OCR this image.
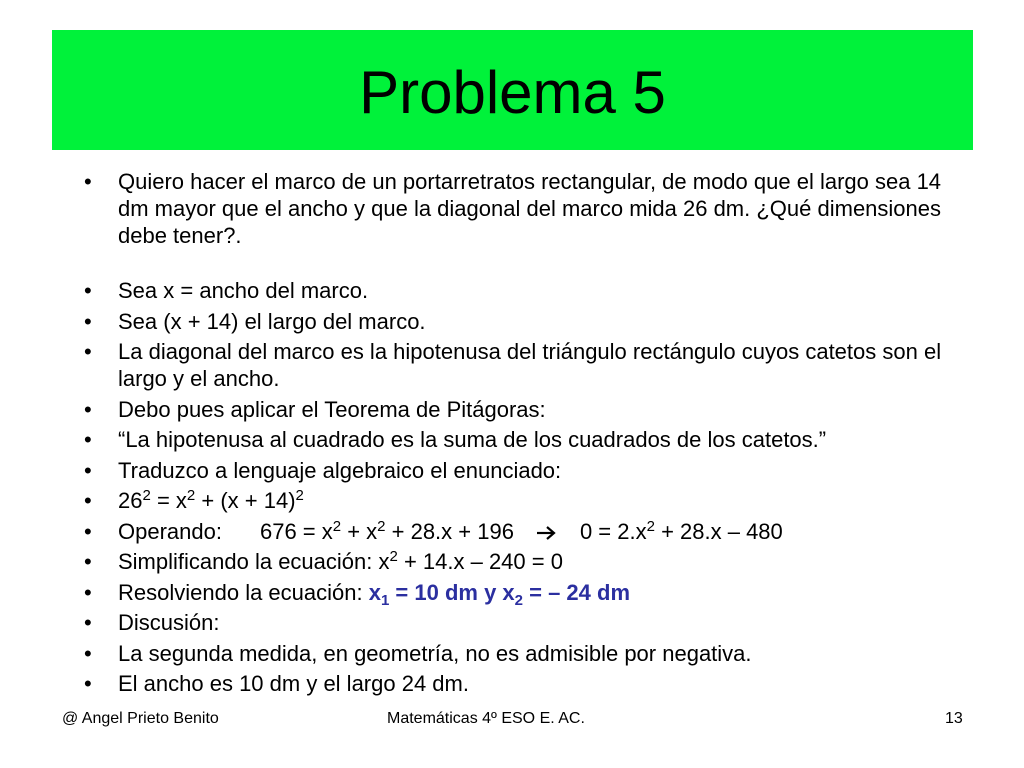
Problema 5
• Quiero hacer el marco de un portarretratos rectangular, de modo que el largo sea 14 dm mayor que el ancho y que la diagonal del marco mida 26 dm. ¿Qué dimensiones debe tener?.
• Sea x = ancho del marco.
• Sea (x + 14) el largo del marco.
• La diagonal del marco es la hipotenusa del triángulo rectángulo cuyos catetos son el largo y el ancho.
• Debo pues aplicar el Teorema de Pitágoras:
• “La hipotenusa al cuadrado es la suma de los cuadrados de los catetos.”
• Traduzco a lenguaje algebraico el enunciado:
• $26^2 = x^2 + (x + 14)^2$
• Operando: $676 = x^2 + x^2 + 28.x + 196$	$0 = 2.x^2 + 28.x - 480$
• Simplificando la ecuación: $x^2 + 14.x - 240 = 0$
• Resolviendo la ecuación: $x_1 = 10$ dm y $x_2$ = – 24 dm
• Discusión:
• La segunda medida, en geometría, no es admisible por negativa.
• El ancho es 10 dm y el largo 24 dm.
@ Angel Prieto Benito	Matemáticas 4º ESO E. AC.	13
